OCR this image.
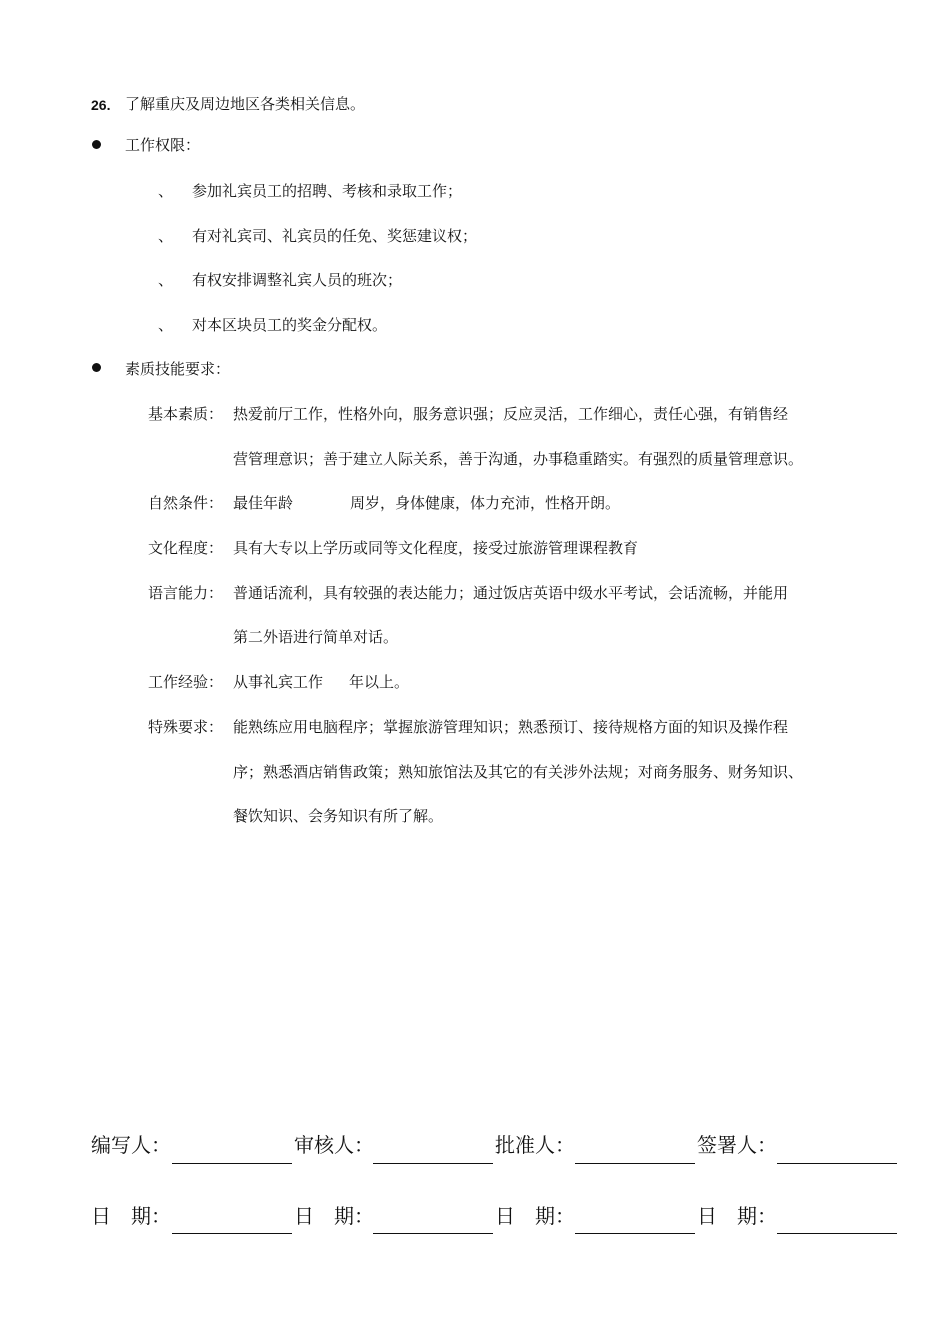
26. 了解重庆及周边地区各类相关信息。
工作权限：
、 参加礼宾员工的招聘、考核和录取工作；
、 有对礼宾司、礼宾员的任免、奖惩建议权；
、 有权安排调整礼宾人员的班次；
、 对本区块员工的奖金分配权。
素质技能要求：
基本素质： 热爱前厅工作，性格外向，服务意识强；反应灵活，工作细心，责任心强，有销售经
营管理意识；善于建立人际关系，善于沟通，办事稳重踏实。有强烈的质量管理意识。
自然条件： 最佳年龄	周岁，身体健康，体力充沛，性格开朗。
文化程度： 具有大专以上学历或同等文化程度，接受过旅游管理课程教育
语言能力： 普通话流利，具有较强的表达能力；通过饭店英语中级水平考试，会话流畅，并能用
第二外语进行简单对话。
工作经验： 从事礼宾工作 年以上。
特殊要求： 能熟练应用电脑程序；掌握旅游管理知识；熟悉预订、接待规格方面的知识及操作程
序；熟悉酒店销售政策；熟知旅馆法及其它的有关涉外法规；对商务服务、财务知识、
餐饮知识、会务知识有所了解。
编写人：	审核人：	批准人：	签署人：
日　期：	日　期：	日　期：	日　期：
